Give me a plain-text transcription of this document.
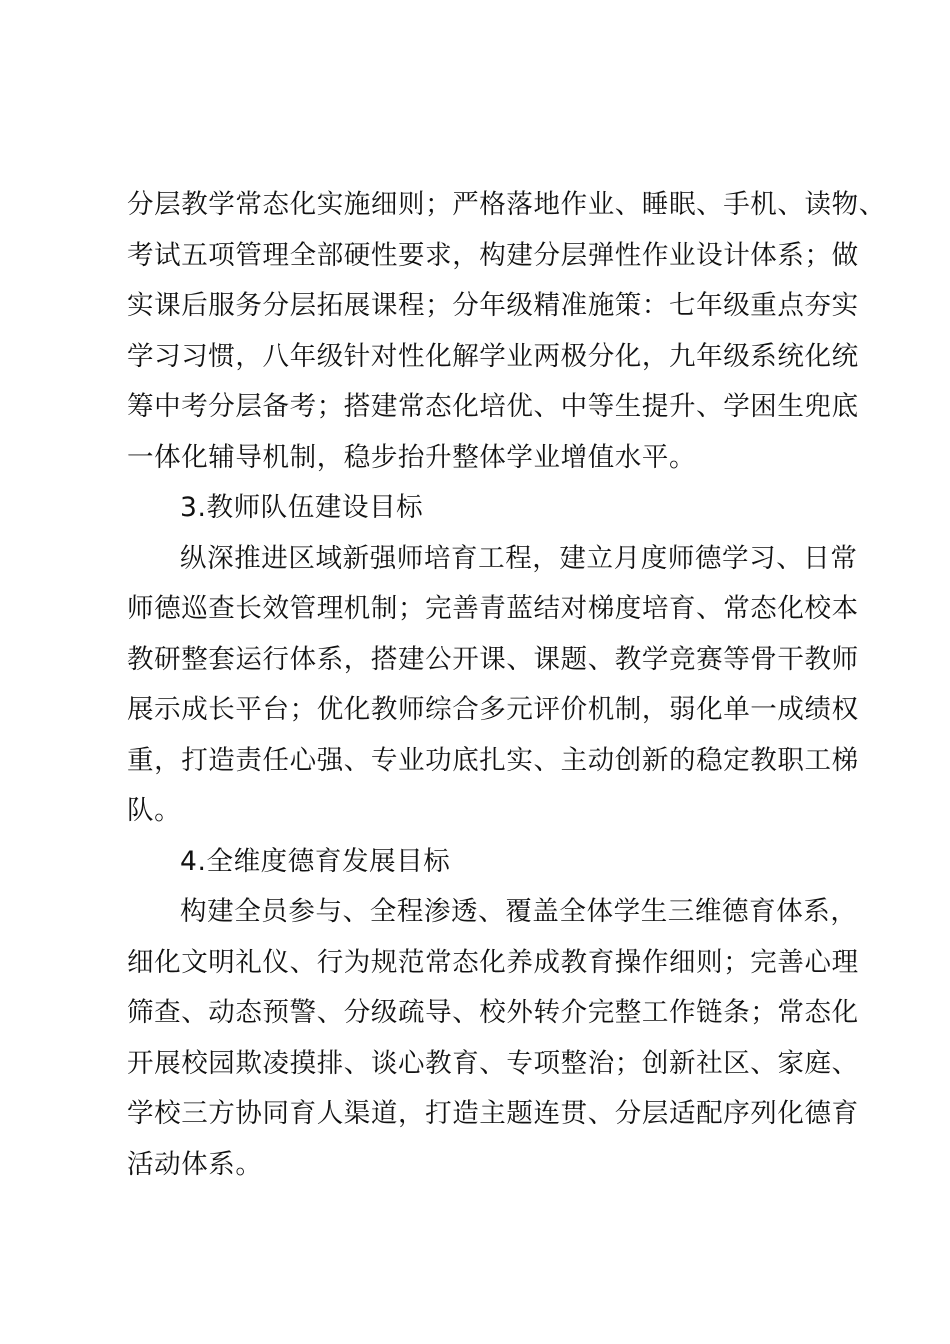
分层教学常态化实施细则；严格落地作业、睡眠、手机、读物、
考试五项管理全部硬性要求，构建分层弹性作业设计体系；做
实课后服务分层拓展课程；分年级精准施策：七年级重点夯实
学习习惯，八年级针对性化解学业两极分化，九年级系统化统
筹中考分层备考；搭建常态化培优、中等生提升、学困生兜底
一体化辅导机制，稳步抬升整体学业增值水平。
3.教师队伍建设目标
纵深推进区域新强师培育工程，建立月度师德学习、日常
师德巡查长效管理机制；完善青蓝结对梯度培育、常态化校本
教研整套运行体系，搭建公开课、课题、教学竞赛等骨干教师
展示成长平台；优化教师综合多元评价机制，弱化单一成绩权
重，打造责任心强、专业功底扎实、主动创新的稳定教职工梯
队。
4.全维度德育发展目标
构建全员参与、全程渗透、覆盖全体学生三维德育体系，
细化文明礼仪、行为规范常态化养成教育操作细则；完善心理
筛查、动态预警、分级疏导、校外转介完整工作链条；常态化
开展校园欺凌摸排、谈心教育、专项整治；创新社区、家庭、
学校三方协同育人渠道，打造主题连贯、分层适配序列化德育
活动体系。
